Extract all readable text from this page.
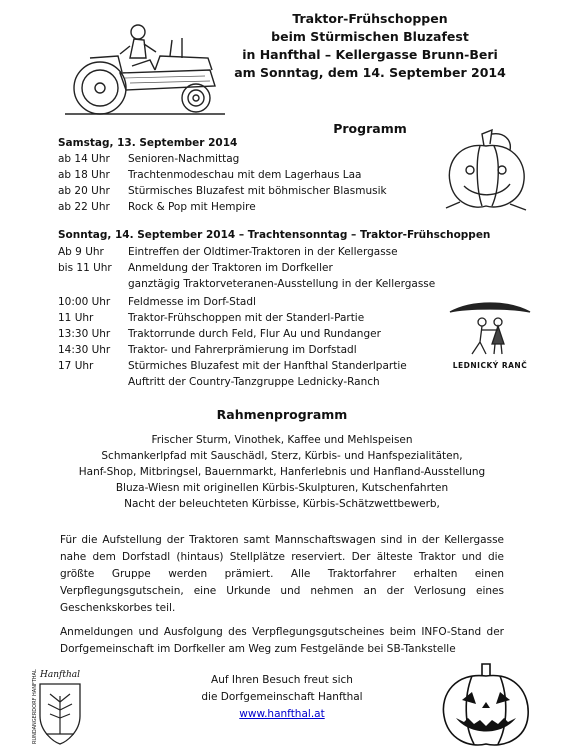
Traktor-Frühschoppen
beim Stürmischen Bluzafest
in Hanfthal – Kellergasse Brunn-Beri
am Sonntag, dem 14. September 2014
Programm
Samstag, 13. September 2014
ab 14 Uhr Senioren-Nachmittag
ab 18 Uhr Trachtenmodeschau mit dem Lagerhaus Laa
ab 20 Uhr Stürmisches Bluzafest mit böhmischer Blasmusik
ab 22 Uhr Rock & Pop mit Hempire
Sonntag, 14. September 2014 – Trachtensonntag – Traktor-Frühschoppen
Ab 9 Uhr Eintreffen der Oldtimer-Traktoren in der Kellergasse
bis 11 Uhr Anmeldung der Traktoren im Dorfkeller
ganztägig Traktorveteranen-Ausstellung in der Kellergasse
10:00 Uhr Feldmesse im Dorf-Stadl
11 Uhr	Traktor-Frühschoppen mit der Standerl-Partie
13:30 Uhr Traktorrunde durch Feld, Flur Au und Rundanger
14:30 Uhr Traktor- und Fahrerprämierung im Dorfstadl
17 Uhr	Stürmiches Bluzafest mit der Hanfthal Standerlpartie
Auftritt der Country-Tanzgruppe Lednicky-Ranch
LEDNICKÝ RANČ
Rahmenprogramm
Frischer Sturm, Vinothek, Kaffee und Mehlspeisen
Schmankerlpfad mit Sauschädl, Sterz, Kürbis- und Hanfspezialitäten,
Hanf-Shop, Mitbringsel, Bauernmarkt, Hanferlebnis und Hanfland-Ausstellung
Bluza-Wiesn mit originellen Kürbis-Skulpturen, Kutschenfahrten
Nacht der beleuchteten Kürbisse, Kürbis-Schätzwettbewerb,
Für die Aufstellung der Traktoren samt Mannschaftswagen sind in der Kellergasse nahe dem Dorfstadl (hintaus) Stellplätze reserviert. Der älteste Traktor und die größte Gruppe werden prämiert. Alle Traktorfahrer erhalten einen Verpflegungsgutschein, eine Urkunde und nehmen an der Verlosung eines Geschenkskorbes teil.
Anmeldungen und Ausfolgung des Verpflegungsgutscheines beim INFO-Stand der Dorfgemeinschaft im Dorfkeller am Weg zum Festgelände bei SB-Tankstelle
Hanfthal
RUNDANGERDORF HANFTHAL	Auf Ihren Besuch freut sich
die Dorfgemeinschaft Hanfthal
www.hanfthal.at
